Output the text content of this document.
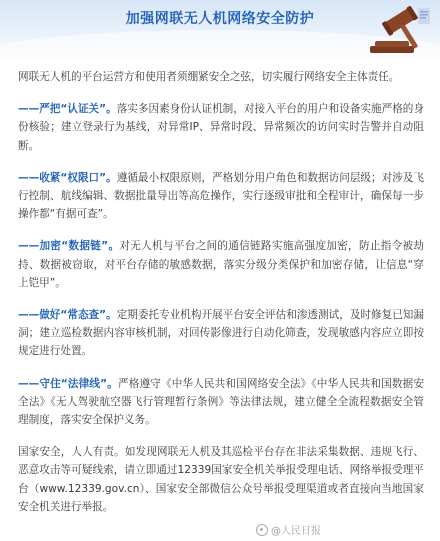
加强网联无人机网络安全防护

网联无人机的平台运营方和使用者须绷紧安全之弦，切实履行网络安全主体责任。

——严把“认证关”。落实多因素身份认证机制，对接入平台的用户和设备实施严格的身份核验；建立登录行为基线，对异常IP、异常时段、异常频次的访问实时告警并自动阻断。

——收紧“权限口”。遵循最小权限原则，严格划分用户角色和数据访问层级；对涉及飞行控制、航线编辑、数据批量导出等高危操作，实行逐级审批和全程审计，确保每一步操作都“有据可查”。

——加密“数据链”。对无人机与平台之间的通信链路实施高强度加密，防止指令被劫持、数据被窃取，对平台存储的敏感数据，落实分级分类保护和加密存储，让信息“穿上铠甲”。

——做好“常态查”。定期委托专业机构开展平台安全评估和渗透测试，及时修复已知漏洞；建立巡检数据内容审核机制，对回传影像进行自动化筛查，发现敏感内容应立即按规定进行处置。

——守住“法律线”。严格遵守《中华人民共和国网络安全法》《中华人民共和国数据安全法》《无人驾驶航空器飞行管理暂行条例》等法律法规，建立健全全流程数据安全管理制度，落实安全保护义务。

国家安全，人人有责。如发现网联无人机及其巡检平台存在非法采集数据、违规飞行、恶意攻击等可疑线索，请立即通过12339国家安全机关举报受理电话、网络举报受理平台（www.12339.gov.cn）、国家安全部微信公众号举报受理渠道或者直接向当地国家安全机关进行举报。

@人民日报
